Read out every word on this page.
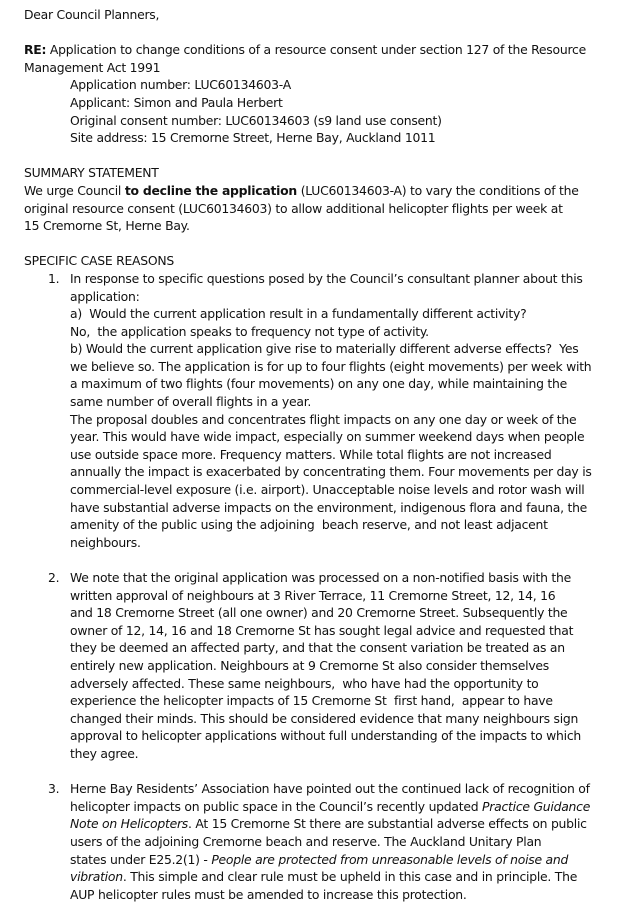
Dear Council Planners,
RE: Application to change conditions of a resource consent under section 127 of the Resource
Management Act 1991
Application number: LUC60134603-A
Applicant: Simon and Paula Herbert
Original consent number: LUC60134603 (s9 land use consent)
Site address: 15 Cremorne Street, Herne Bay, Auckland 1011
SUMMARY STATEMENT
We urge Council to decline the application (LUC60134603-A) to vary the conditions of the
original resource consent (LUC60134603) to allow additional helicopter flights per week at
15 Cremorne St, Herne Bay.
SPECIFIC CASE REASONS
1. In response to specific questions posed by the Council’s consultant planner about this
application:
a)  Would the current application result in a fundamentally different activity?
No,  the application speaks to frequency not type of activity.
b) Would the current application give rise to materially different adverse effects?  Yes
we believe so. The application is for up to four flights (eight movements) per week with
a maximum of two flights (four movements) on any one day, while maintaining the
same number of overall flights in a year.
The proposal doubles and concentrates flight impacts on any one day or week of the
year. This would have wide impact, especially on summer weekend days when people
use outside space more. Frequency matters. While total flights are not increased
annually the impact is exacerbated by concentrating them. Four movements per day is
commercial-level exposure (i.e. airport). Unacceptable noise levels and rotor wash will
have substantial adverse impacts on the environment, indigenous flora and fauna, the
amenity of the public using the adjoining  beach reserve, and not least adjacent
neighbours.
2. We note that the original application was processed on a non-notified basis with the
written approval of neighbours at 3 River Terrace, 11 Cremorne Street, 12, 14, 16
and 18 Cremorne Street (all one owner) and 20 Cremorne Street. Subsequently the
owner of 12, 14, 16 and 18 Cremorne St has sought legal advice and requested that
they be deemed an affected party, and that the consent variation be treated as an
entirely new application. Neighbours at 9 Cremorne St also consider themselves
adversely affected. These same neighbours,  who have had the opportunity to
experience the helicopter impacts of 15 Cremorne St  first hand,  appear to have
changed their minds. This should be considered evidence that many neighbours sign
approval to helicopter applications without full understanding of the impacts to which
they agree.
3. Herne Bay Residents’ Association have pointed out the continued lack of recognition of
helicopter impacts on public space in the Council’s recently updated Practice Guidance
Note on Helicopters. At 15 Cremorne St there are substantial adverse effects on public
users of the adjoining Cremorne beach and reserve. The Auckland Unitary Plan
states under E25.2(1) - People are protected from unreasonable levels of noise and
vibration. This simple and clear rule must be upheld in this case and in principle. The
AUP helicopter rules must be amended to increase this protection.
